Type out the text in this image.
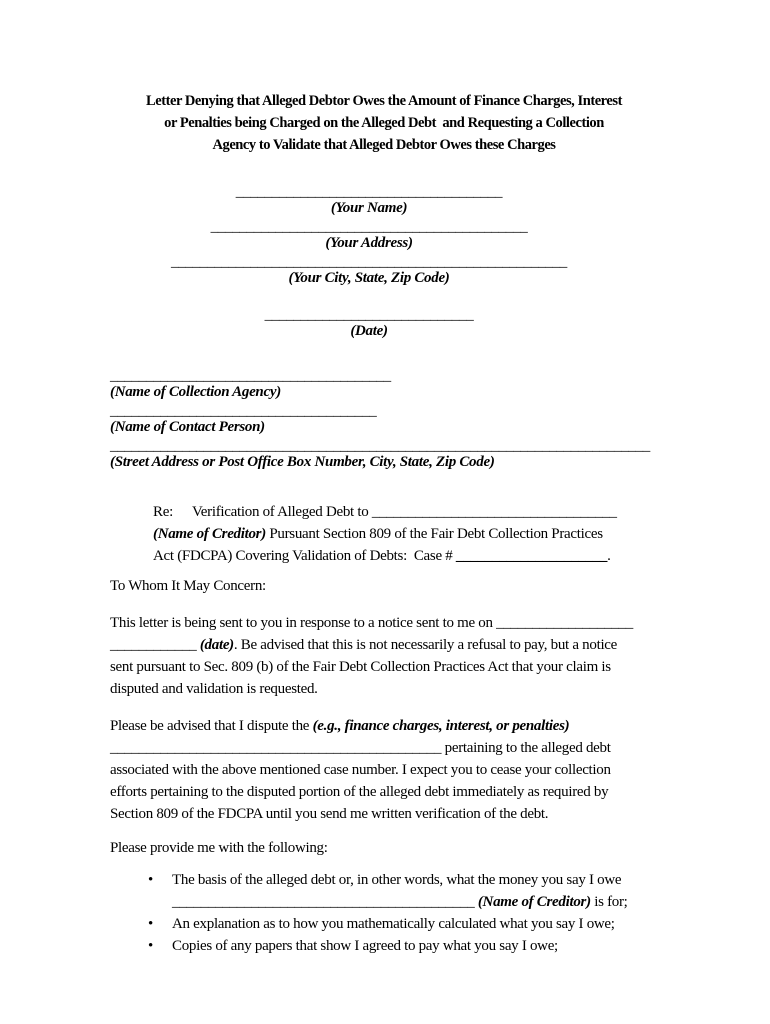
Letter Denying that Alleged Debtor Owes the Amount of Finance Charges, Interest
or Penalties being Charged on the Alleged Debt  and Requesting a Collection
Agency to Validate that Alleged Debtor Owes these Charges
_____________________________________
(Your Name)
____________________________________________
(Your Address)
_______________________________________________________
(Your City, State, Zip Code)
_____________________________
(Date)
_______________________________________
(Name of Collection Agency)
_____________________________________
(Name of Contact Person)
___________________________________________________________________________
(Street Address or Post Office Box Number, City, State, Zip Code)
Re: Verification of Alleged Debt to __________________________________
(Name of Creditor) Pursuant Section 809 of the Fair Debt Collection Practices
Act (FDCPA) Covering Validation of Debts:  Case # _____________________.

To Whom It May Concern:

This letter is being sent to you in response to a notice sent to me on ___________________
____________ (date). Be advised that this is not necessarily a refusal to pay, but a notice
sent pursuant to Sec. 809 (b) of the Fair Debt Collection Practices Act that your claim is
disputed and validation is requested.
Please be advised that I dispute the (e.g., finance charges, interest, or penalties)
______________________________________________ pertaining to the alleged debt
associated with the above mentioned case number. I expect you to cease your collection
efforts pertaining to the disputed portion of the alleged debt immediately as required by
Section 809 of the FDCPA until you send me written verification of the debt.

Please provide me with the following:

•	The basis of the alleged debt or, in other words, what the money you say I owe
__________________________________________ (Name of Creditor) is for;
•	An explanation as to how you mathematically calculated what you say I owe;
•	Copies of any papers that show I agreed to pay what you say I owe;
